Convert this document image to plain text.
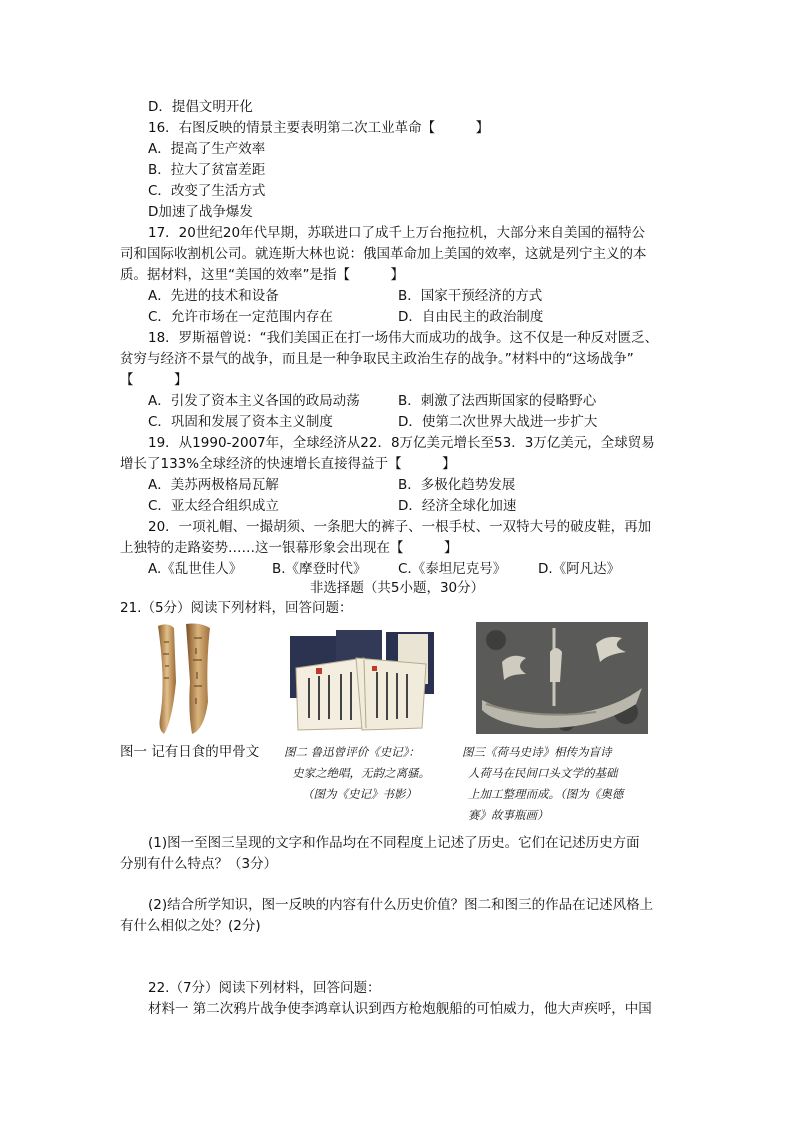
D．提倡文明开化
16．右图反映的情景主要表明第二次工业革命【　　　】
A．提高了生产效率
B．拉大了贫富差距
C．改变了生活方式
D加速了战争爆发
17．20世纪20年代早期，苏联进口了成千上万台拖拉机，大部分来自美国的福特公
司和国际收割机公司。就连斯大林也说：俄国革命加上美国的效率，这就是列宁主义的本
质。据材料，这里“美国的效率”是指【　　　】
A．先进的技术和设备	B．国家干预经济的方式
C．允许市场在一定范围内存在	D．自由民主的政治制度
18．罗斯福曾说：“我们美国正在打一场伟大而成功的战争。这不仅是一种反对匮乏、
贫穷与经济不景气的战争，而且是一种争取民主政治生存的战争。”材料中的“这场战争”
【　　　】
A．引发了资本主义各国的政局动荡	B．刺激了法西斯国家的侵略野心
C．巩固和发展了资本主义制度	D．使第二次世界大战进一步扩大
19．从1990-2007年，全球经济从22．8万亿美元增长至53．3万亿美元，全球贸易
增长了133%全球经济的快速增长直接得益于【　　　】
A．美苏两极格局瓦解	B．多极化趋势发展
C．亚太经合组织成立	D．经济全球化加速
20．一项礼帽、一撮胡须、一条肥大的裤子、一根手杖、一双特大号的破皮鞋，再加
上独特的走路姿势……这一银幕形象会出现在【　　　】
A.《乱世佳人》 B.《摩登时代》 C.《泰坦尼克号》 D.《阿凡达》
非选择题（共5小题，30分）
21.（5分）阅读下列材料，回答问题：
图一 记有日食的甲骨文 图二 鲁迅曾评价《史记》：
史家之绝唱，无韵之离骚。
（图为《史记》书影）
图三《荷马史诗》相传为盲诗
人荷马在民间口头文学的基础
上加工整理而成。（图为《奥德
赛》故事瓶画）
(1)图一至图三呈现的文字和作品均在不同程度上记述了历史。它们在记述历史方面
分别有什么特点？（3分）
(2)结合所学知识，图一反映的内容有什么历史价值？图二和图三的作品在记述风格上
有什么相似之处？(2分)
22.（7分）阅读下列材料，回答问题：
材料一 第二次鸦片战争使李鸿章认识到西方枪炮舰船的可怕威力，他大声疾呼，中国
